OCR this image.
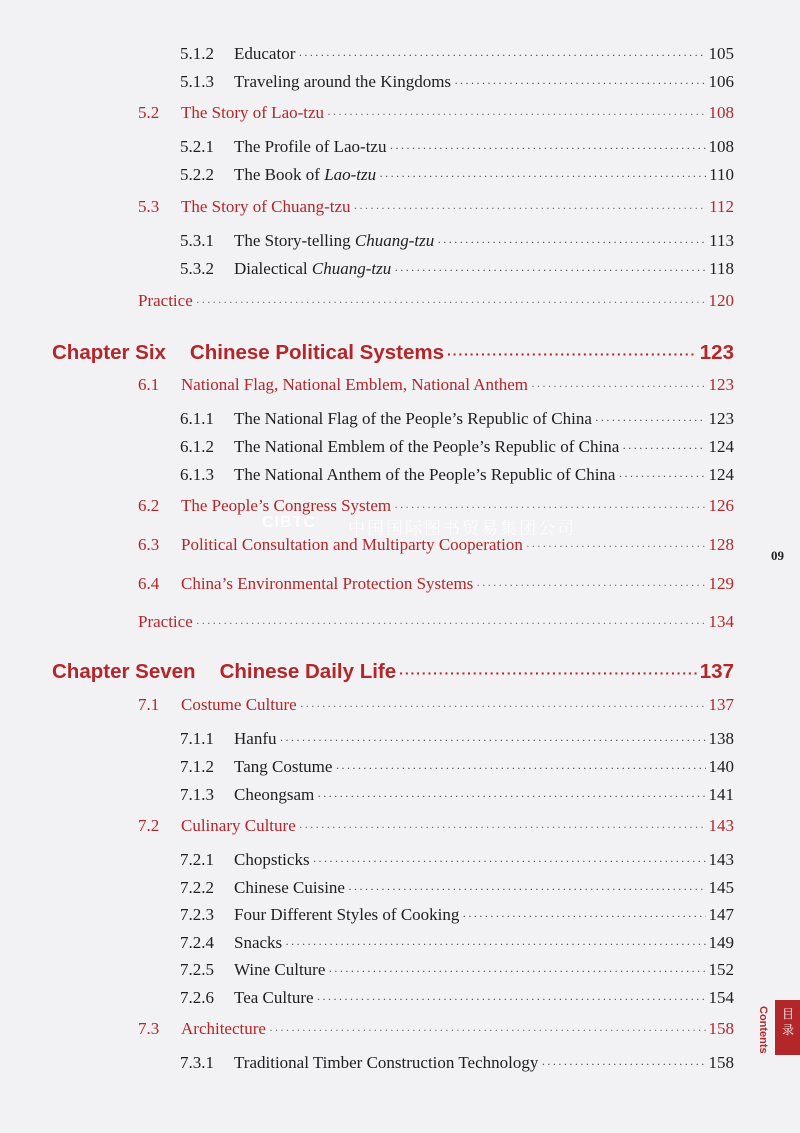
5.1.2	Educator ·····	105
5.1.3	Traveling around the Kingdoms ·····	106
5.2	The Story of Lao-tzu ·····	108
5.2.1	The Profile of Lao-tzu ·····	108
5.2.2	The Book of Lao-tzu ·····	110
5.3	The Story of Chuang-tzu ·····	112
5.3.1	The Story-telling Chuang-tzu ·····	113
5.3.2	Dialectical Chuang-tzu ·····	118
Practice ·····	120
Chapter Six Chinese Political Systems ·····	123
6.1	National Flag, National Emblem, National Anthem ·····	123
6.1.1	The National Flag of the People’s Republic of China ·····	123
6.1.2	The National Emblem of the People’s Republic of China ·····	124
6.1.3	The National Anthem of the People’s Republic of China ·····	124
6.2	The People’s Congress System ·····	126
6.3	Political Consultation and Multiparty Cooperation ·····	128
6.4	China’s Environmental Protection Systems ·····	129
Practice ·····	134
Chapter Seven Chinese Daily Life ·····	137
7.1	Costume Culture ·····	137
7.1.1	Hanfu ·····	138
7.1.2	Tang Costume ·····	140
7.1.3	Cheongsam ·····	141
7.2	Culinary Culture ·····	143
7.2.1	Chopsticks ·····	143
7.2.2	Chinese Cuisine ·····	145
7.2.3	Four Different Styles of Cooking ·····	147
7.2.4	Snacks ·····	149
7.2.5	Wine Culture ·····	152
7.2.6	Tea Culture ·····	154
7.3	Architecture ·····	158
7.3.1	Traditional Timber Construction Technology ·····	158
CIBTC 中国国际图书贸易集团公司
09
目 录
Contents
